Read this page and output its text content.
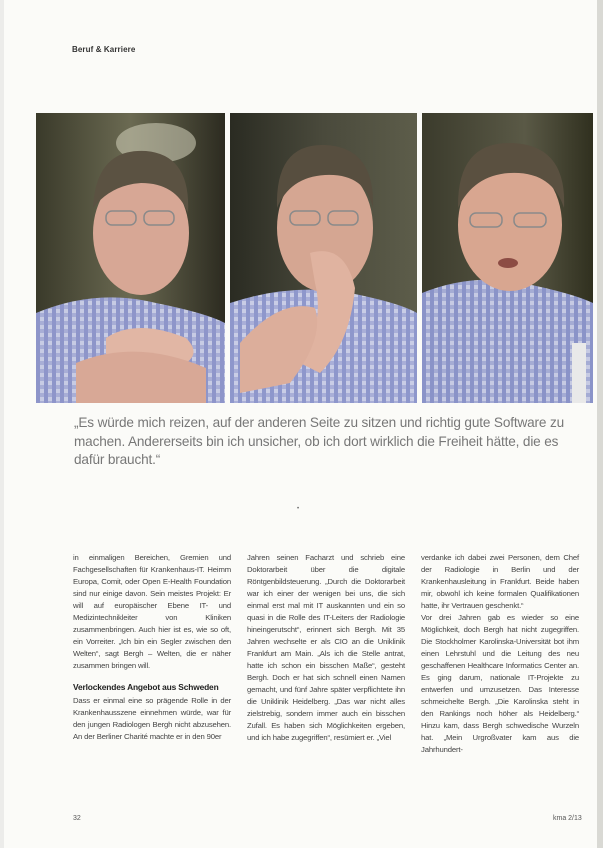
Beruf & Karriere
„Es würde mich reizen, auf der anderen Seite zu sitzen und richtig gute Software zu machen. Andererseits bin ich unsicher, ob ich dort wirklich die Freiheit hätte, die es dafür braucht.“
•

in einmaligen Bereichen, Gremien und Fachgesellschaften für Krankenhaus-IT. Heimm Europa, Comit, oder Open E-Health Foundation sind nur einige davon. Sein meistes Projekt: Er will auf europäischer Ebene IT- und Medizintechnikleiter von Kliniken zusammenbringen. Auch hier ist es, wie so oft, ein Vorreiter. „Ich bin ein Segler zwischen den Welten“, sagt Bergh – Welten, die er näher zusammen bringen will.

Verlockendes Angebot aus Schweden

Dass er einmal eine so prägende Rolle in der Krankenhausszene einnehmen würde, war für den jungen Radiologen Bergh nicht abzusehen. An der Berliner Charité machte er in den 90er

Jahren seinen Facharzt und schrieb eine Doktorarbeit über die digitale Röntgenbildsteuerung. „Durch die Doktorarbeit war ich einer der wenigen bei uns, die sich einmal erst mal mit IT auskannten und ein so quasi in die Rolle des IT-Leiters der Radiologie hineingerutscht“, erinnert sich Bergh. Mit 35 Jahren wechselte er als CIO an die Uniklinik Frankfurt am Main. „Als ich die Stelle antrat, hatte ich schon ein bisschen Maße“, gesteht Bergh. Doch er hat sich schnell einen Namen gemacht, und fünf Jahre später verpflichtete ihn die Uniklinik Heidelberg. „Das war nicht alles zielstrebig, sondern immer auch ein bisschen Zufall. Es haben sich Möglichkeiten ergeben, und ich habe zugegriffen“, resümiert er. „Viel

verdanke ich dabei zwei Personen, dem Chef der Radiologie in Berlin und der Krankenhausleitung in Frankfurt. Beide haben mir, obwohl ich keine formalen Qualifikationen hatte, ihr Vertrauen geschenkt.“

Vor drei Jahren gab es wieder so eine Möglichkeit, doch Bergh hat nicht zugegriffen. Die Stockholmer Karolinska-Universität bot ihm einen Lehrstuhl und die Leitung des neu geschaffenen Healthcare Informatics Center an. Es ging darum, nationale IT-Projekte zu entwerfen und umzusetzen. Das Interesse schmeichelte Bergh. „Die Karolinska steht in den Rankings noch höher als Heidelberg.“ Hinzu kam, dass Bergh schwedische Wurzeln hat. „Mein Urgroßvater kam aus die Jahrhundert-

32	kma 2/13
